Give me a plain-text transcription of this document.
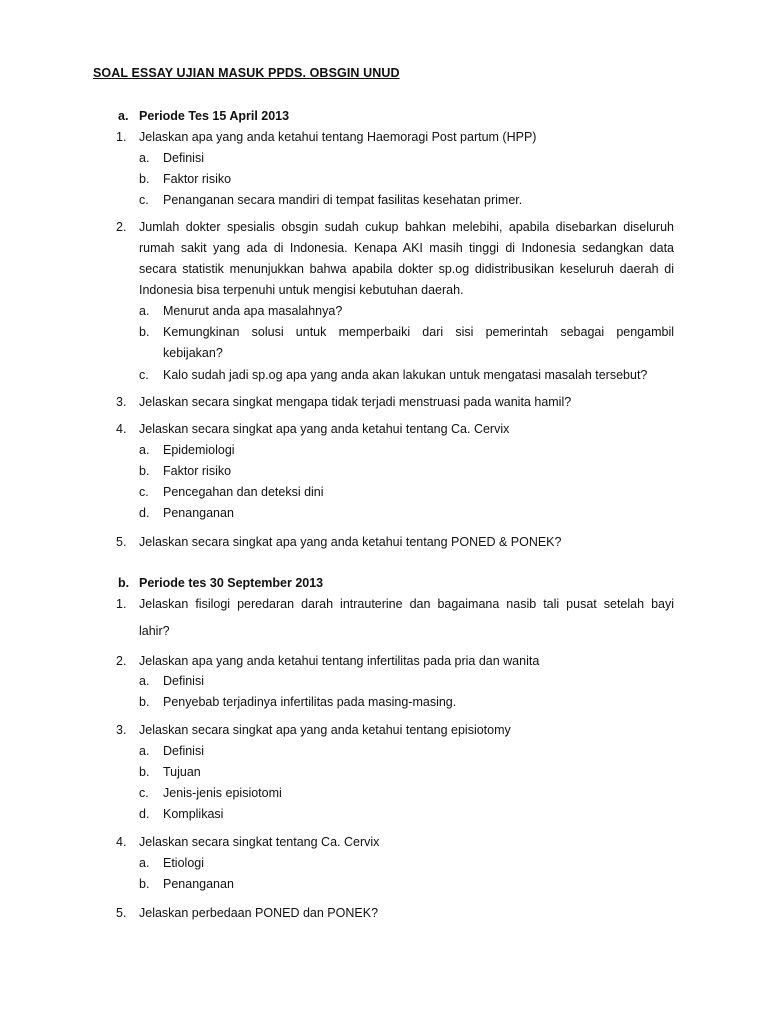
SOAL ESSAY UJIAN MASUK PPDS. OBSGIN UNUD
a. Periode Tes 15 April 2013
1. Jelaskan apa yang anda ketahui tentang Haemoragi Post partum (HPP)
a. Definisi
b. Faktor risiko
c. Penanganan secara mandiri di tempat fasilitas kesehatan primer.
2. Jumlah dokter spesialis obsgin sudah cukup bahkan melebihi, apabila disebarkan diseluruh
rumah sakit yang ada di Indonesia. Kenapa AKI masih tinggi di Indonesia sedangkan data
secara statistik menunjukkan bahwa apabila dokter sp.og didistribusikan keseluruh daerah di
Indonesia bisa terpenuhi untuk mengisi kebutuhan daerah.
a. Menurut anda apa masalahnya?
b. Kemungkinan solusi untuk memperbaiki dari sisi pemerintah sebagai pengambil
kebijakan?
c. Kalo sudah jadi sp.og apa yang anda akan lakukan untuk mengatasi masalah tersebut?
3. Jelaskan secara singkat mengapa tidak terjadi menstruasi pada wanita hamil?
4. Jelaskan secara singkat apa yang anda ketahui tentang Ca. Cervix
a. Epidemiologi
b. Faktor risiko
c. Pencegahan dan deteksi dini
d. Penanganan
5. Jelaskan secara singkat apa yang anda ketahui tentang PONED & PONEK?
b. Periode tes 30 September 2013
1. Jelaskan fisilogi peredaran darah intrauterine dan bagaimana nasib tali pusat setelah bayi
lahir?
2. Jelaskan apa yang anda ketahui tentang infertilitas pada pria dan wanita
a. Definisi
b. Penyebab terjadinya infertilitas pada masing-masing.
3. Jelaskan secara singkat apa yang anda ketahui tentang episiotomy
a. Definisi
b. Tujuan
c. Jenis-jenis episiotomi
d. Komplikasi
4. Jelaskan secara singkat tentang Ca. Cervix
a. Etiologi
b. Penanganan
5. Jelaskan perbedaan PONED dan PONEK?
